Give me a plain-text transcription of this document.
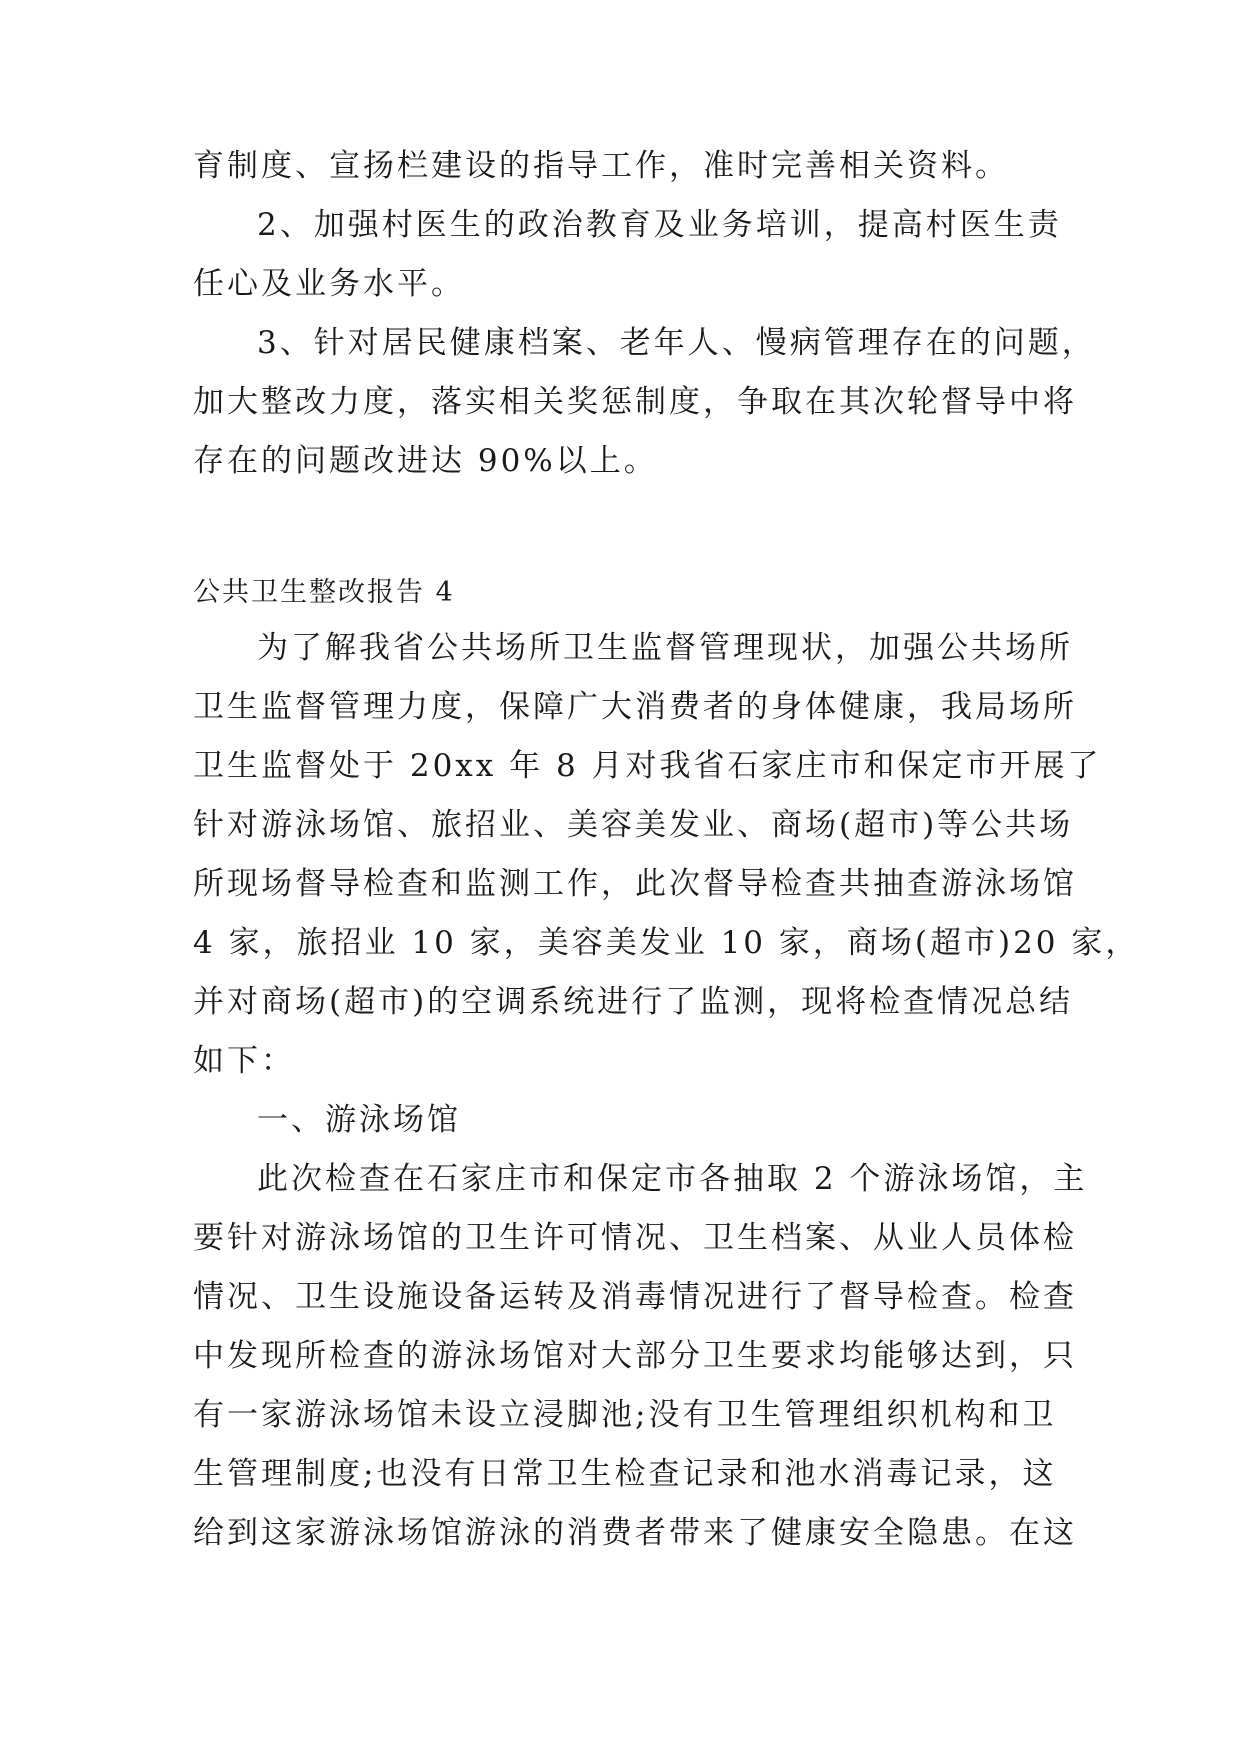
育制度、宣扬栏建设的指导工作，准时完善相关资料。
2、加强村医生的政治教育及业务培训，提高村医生责
任心及业务水平。
3、针对居民健康档案、老年人、慢病管理存在的问题，
加大整改力度，落实相关奖惩制度，争取在其次轮督导中将
存在的问题改进达 90%以上。
公共卫生整改报告 4
为了解我省公共场所卫生监督管理现状，加强公共场所
卫生监督管理力度，保障广大消费者的身体健康，我局场所
卫生监督处于 20xx 年 8 月对我省石家庄市和保定市开展了
针对游泳场馆、旅招业、美容美发业、商场(超市)等公共场
所现场督导检查和监测工作，此次督导检查共抽查游泳场馆
4 家，旅招业 10 家，美容美发业 10 家，商场(超市)20 家，
并对商场(超市)的空调系统进行了监测，现将检查情况总结
如下：
一、游泳场馆
此次检查在石家庄市和保定市各抽取 2 个游泳场馆，主
要针对游泳场馆的卫生许可情况、卫生档案、从业人员体检
情况、卫生设施设备运转及消毒情况进行了督导检查。检查
中发现所检查的游泳场馆对大部分卫生要求均能够达到，只
有一家游泳场馆未设立浸脚池;没有卫生管理组织机构和卫
生管理制度;也没有日常卫生检查记录和池水消毒记录，这
给到这家游泳场馆游泳的消费者带来了健康安全隐患。在这
